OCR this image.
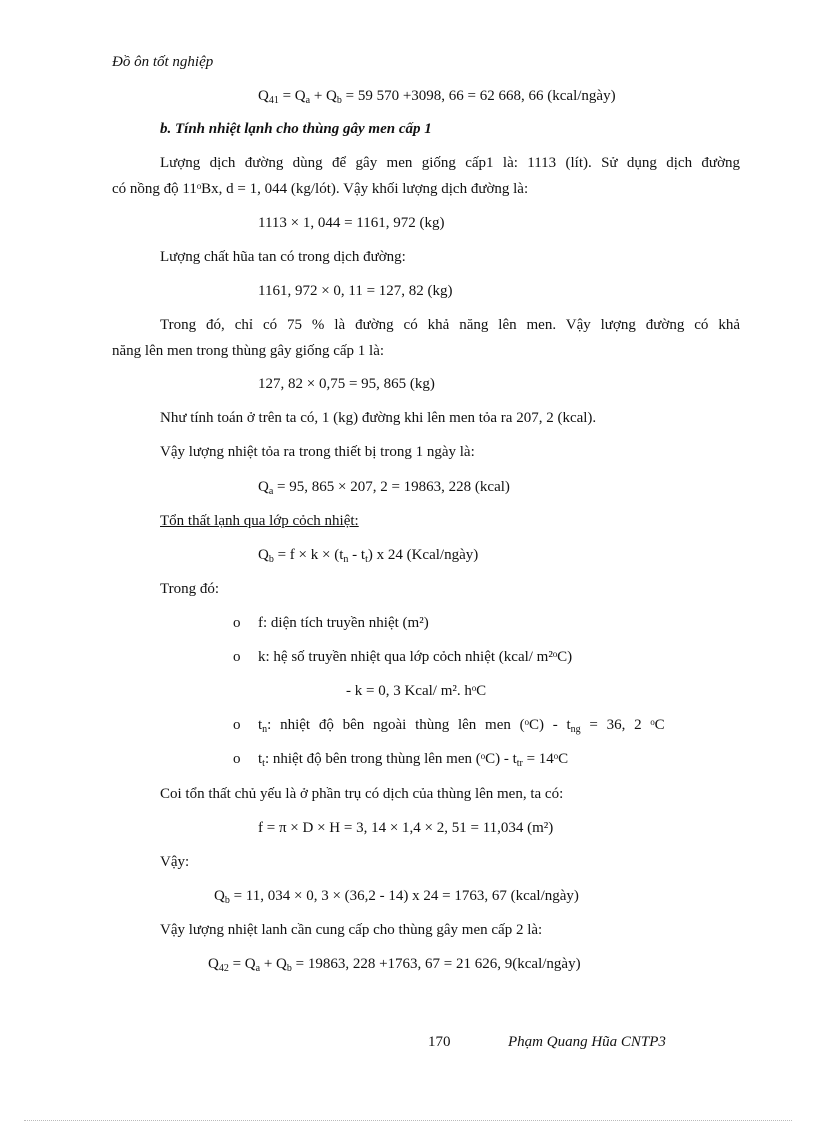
Đồ ôn tốt nghiệp
$Q_{41} = Q_a + Q_b = 59$ 570 +3098, 66 = 62 668, 66 (kcal/ngày)
b. Tính nhiệt lạnh cho thùng gây men cấp 1
Lượng dịch đường dùng để gây men giống cấp1 là: 1113 (lít). Sử dụng dịch đường
có nồng độ 11ᵒBx, d = 1, 044 (kg/lót). Vậy khối lượng dịch đường là:
1113 × 1, 044 = 1161, 972 (kg)
Lượng chất hũa tan có trong dịch đường:
1161, 972 × 0, 11 = 127, 82 (kg)
Trong đó, chỉ có 75 % là đường có khả năng lên men. Vậy lượng đường có khả
năng lên men trong thùng gây giống cấp 1 là:
127, 82 × 0,75 = 95, 865 (kg)
Như tính toán ở trên ta có, 1 (kg) đường khi lên men tỏa ra 207, 2 (kcal).
Vậy lượng nhiệt tỏa ra trong thiết bị trong 1 ngày là:
$Q_a = 95$, 865 × 207, 2 = 19863, 228 (kcal)
Tổn thất lạnh qua lớp cỏch nhiệt:
$Q_b = f \times k \times (t_n - t_t)$ x 24 (Kcal/ngày)
Trong đó:
o f: diện tích truyền nhiệt (m²)
o k: hệ số truyền nhiệt qua lớp cỏch nhiệt (kcal/ m²ᵒC)
- k = 0, 3 Kcal/ m². hᵒC
o $t_n$: nhiệt độ bên ngoài thùng lên men (ᵒC) - $t_{ng} = 36$, 2 ᵒC
o $t_t$: nhiệt độ bên trong thùng lên men (ᵒC) - $t_{tr}$ = 14ᵒC
Coi tổn thất chủ yếu là ở phần trụ có dịch của thùng lên men, ta có:
f = π × D × H = 3, 14 × 1,4 × 2, 51 = 11,034 (m²)
Vậy:
$Q_b = 11$, 034 × 0, 3 × (36,2 - 14) x 24 = 1763, 67 (kcal/ngày)
Vậy lượng nhiệt lanh cần cung cấp cho thùng gây men cấp 2 là:
$Q_{42} = Q_a + Q_b = 19863$, 228 +1763, 67 = 21 626, 9(kcal/ngày)
170	Phạm Quang Hũa CNTP3
